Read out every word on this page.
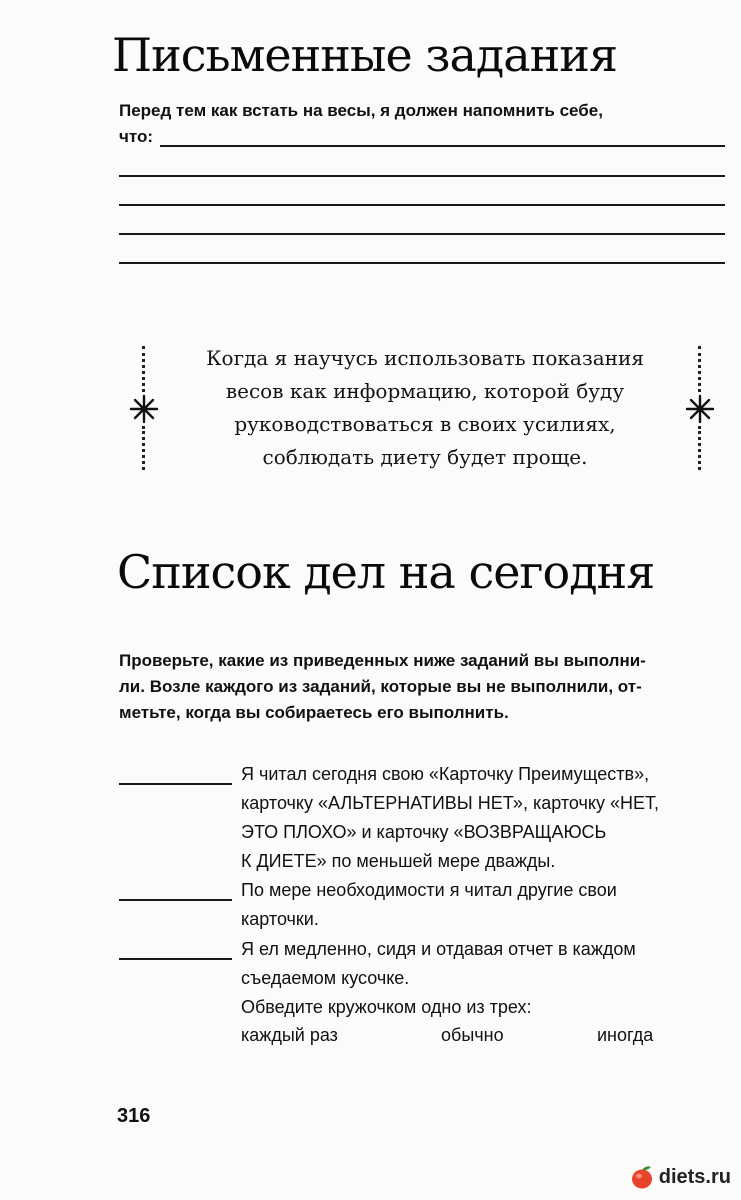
Письменные задания
Перед тем как встать на весы, я должен напомнить себе,
что:
Когда я научусь использовать показания
весов как информацию, которой буду
руководствоваться в своих усилиях,
соблюдать диету будет проще.
Список дел на сегодня
Проверьте, какие из приведенных ниже заданий вы выполни-
ли. Возле каждого из заданий, которые вы не выполнили, от-
метьте, когда вы собираетесь его выполнить.
Я читал сегодня свою «Карточку Преимуществ»,
карточку «АЛЬТЕРНАТИВЫ НЕТ», карточку «НЕТ,
ЭТО ПЛОХО» и карточку «ВОЗВРАЩАЮСЬ
К ДИЕТЕ» по меньшей мере дважды.
По мере необходимости я читал другие свои
карточки.
Я ел медленно, сидя и отдавая отчет в каждом
съедаемом кусочке.
Обведите кружочком одно из трех:
каждый раз	обычно	иногда
316
diets.ru
